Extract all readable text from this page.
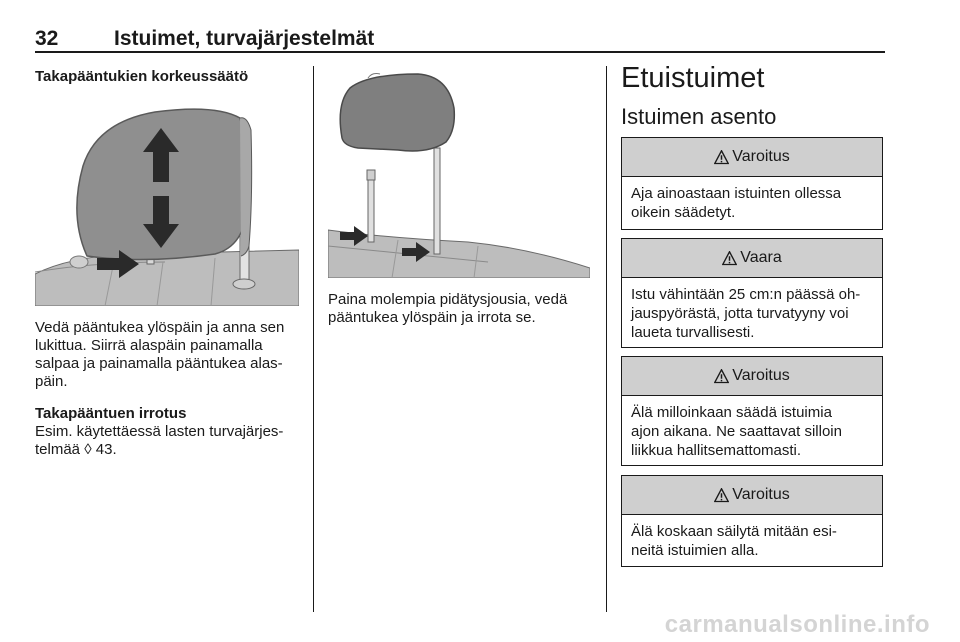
32	Istuimet, turvajärjestelmät
Takapääntukien korkeussäätö
Vedä pääntukea ylöspäin ja anna sen
lukittua. Siirrä alaspäin painamalla
salpaa ja painamalla pääntukea alas-
päin.
Takapääntuen irrotus
Esim. käytettäessä lasten turvajärjes-
telmää ◊ 43.
Paina molempia pidätysjousia, vedä
pääntukea ylöspäin ja irrota se.
Etuistuimet
Istuimen asento
Varoitus
Aja ainoastaan istuinten ollessa
oikein säädetyt.
Vaara
Istu vähintään 25 cm:n päässä oh-
jauspyörästä, jotta turvatyyny voi
laueta turvallisesti.
Varoitus
Älä milloinkaan säädä istuimia
ajon aikana. Ne saattavat silloin
liikkua hallitsemattomasti.
Varoitus
Älä koskaan säilytä mitään esi-
neitä istuimien alla.
carmanualsonline.info
